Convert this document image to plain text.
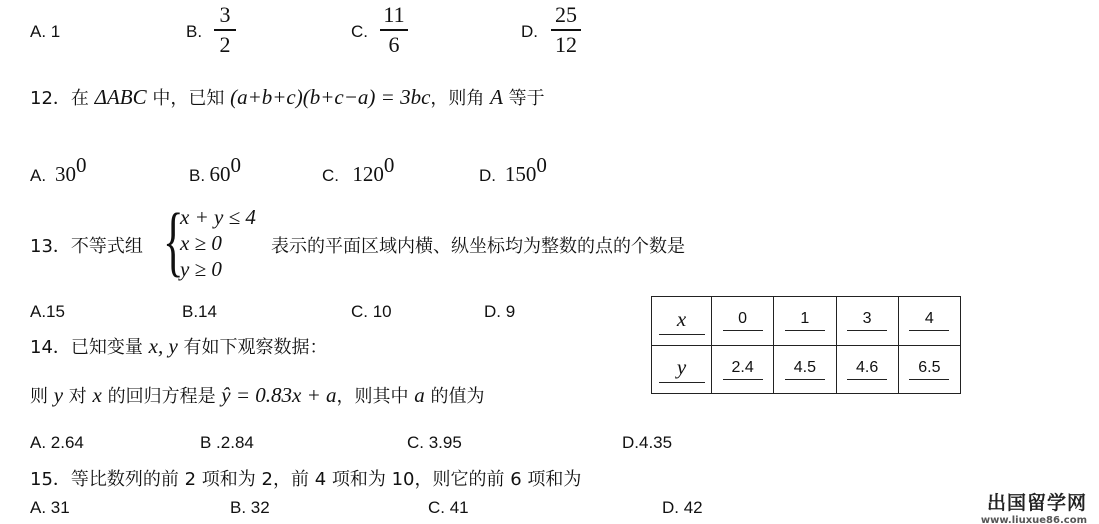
A. 1	B.
3
2	C.
11
6	D.
25
12
12．在 ΔABC 中，已知 (a+b+c)(b+c−a) = 3bc，则角 A 等于
A. $30^0$	B. $60^0$	C. $120^0$	D. $150^0$
13．不等式组 {
x + y ≤ 4
x ≥ 0
y ≥ 0
表示的平面区域内横、纵坐标均为整数的点的个数是
A.15	B.14	C. 10	D. 9
14．已知变量 x, y 有如下观察数据：
x	0	1	3	4
y	2.4	4.5	4.6	6.5
则 y 对 x 的回归方程是 ŷ = 0.83x + a，则其中 a 的值为
A. 2.64	B .2.84	C. 3.95	D.4.35
15．等比数列的前 2 项和为 2，前 4 项和为 10，则它的前 6 项和为
A. 31	B. 32	C. 41	D. 42	出国留学网
www.liuxue86.com
